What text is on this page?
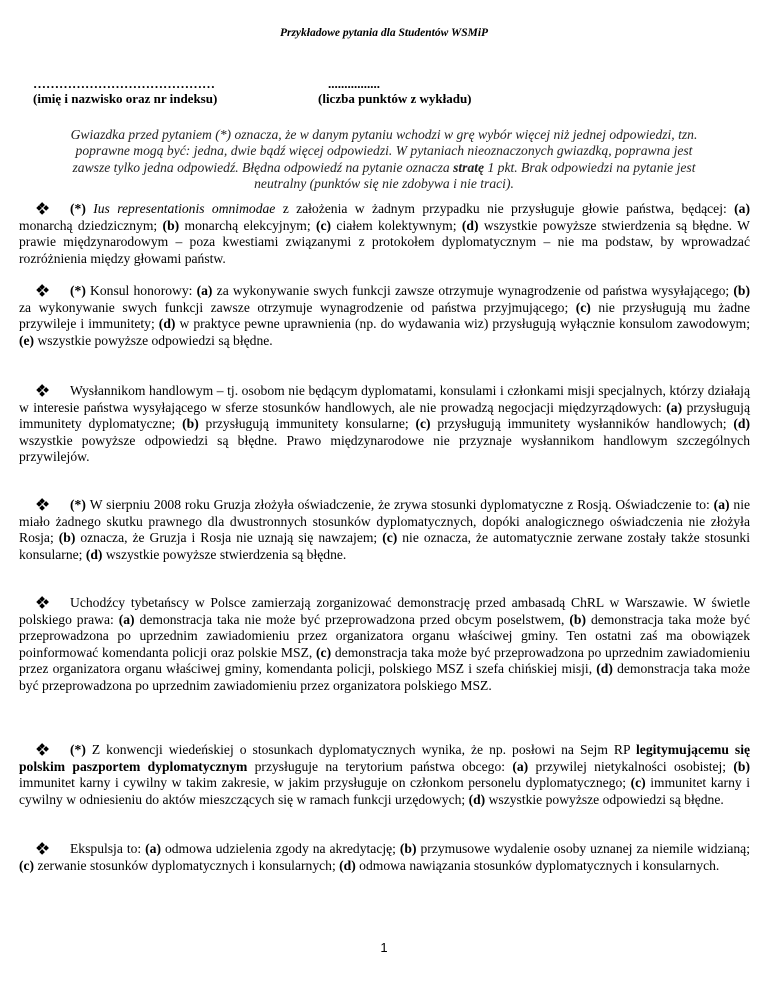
Przykładowe pytania dla Studentów WSMiP
……………………………………
(imię i nazwisko oraz nr indeksu)
................
(liczba punktów z wykładu)
Gwiazdka przed pytaniem (*) oznacza, że w danym pytaniu wchodzi w grę wybór więcej niż jednej odpowiedzi, tzn. poprawne mogą być: jedna, dwie bądź więcej odpowiedzi. W pytaniach nieoznaczonych gwiazdką, poprawna jest zawsze tylko jedna odpowiedź. Błędna odpowiedź na pytanie oznacza stratę 1 pkt. Brak odpowiedzi na pytanie jest neutralny (punktów się nie zdobywa i nie traci).
(*) Ius representationis omnimodae z założenia w żadnym przypadku nie przysługuje głowie państwa, będącej: (a) monarchą dziedzicznym; (b) monarchą elekcyjnym; (c) ciałem kolektywnym; (d) wszystkie powyższe stwierdzenia są błędne. W prawie międzynarodowym – poza kwestiami związanymi z protokołem dyplomatycznym – nie ma podstaw, by wprowadzać rozróżnienia między głowami państw.
(*) Konsul honorowy: (a) za wykonywanie swych funkcji zawsze otrzymuje wynagrodzenie od państwa wysyłającego; (b) za wykonywanie swych funkcji zawsze otrzymuje wynagrodzenie od państwa przyjmującego; (c) nie przysługują mu żadne przywileje i immunitety; (d) w praktyce pewne uprawnienia (np. do wydawania wiz) przysługują wyłącznie konsulom zawodowym; (e) wszystkie powyższe odpowiedzi są błędne.
Wysłannikom handlowym – tj. osobom nie będącym dyplomatami, konsulami i członkami misji specjalnych, którzy działają w interesie państwa wysyłającego w sferze stosunków handlowych, ale nie prowadzą negocjacji międzyrządowych: (a) przysługują immunitety dyplomatyczne; (b) przysługują immunitety konsularne; (c) przysługują immunitety wysłanników handlowych; (d) wszystkie powyższe odpowiedzi są błędne. Prawo międzynarodowe nie przyznaje wysłannikom handlowym szczególnych przywilejów.
(*) W sierpniu 2008 roku Gruzja złożyła oświadczenie, że zrywa stosunki dyplomatyczne z Rosją. Oświadczenie to: (a) nie miało żadnego skutku prawnego dla dwustronnych stosunków dyplomatycznych, dopóki analogicznego oświadczenia nie złożyła Rosja; (b) oznacza, że Gruzja i Rosja nie uznają się nawzajem; (c) nie oznacza, że automatycznie zerwane zostały także stosunki konsularne; (d) wszystkie powyższe stwierdzenia są błędne.
Uchodźcy tybetańscy w Polsce zamierzają zorganizować demonstrację przed ambasadą ChRL w Warszawie. W świetle polskiego prawa: (a) demonstracja taka nie może być przeprowadzona przed obcym poselstwem, (b) demonstracja taka może być przeprowadzona po uprzednim zawiadomieniu przez organizatora organu właściwej gminy. Ten ostatni zaś ma obowiązek poinformować komendanta policji oraz polskie MSZ, (c) demonstracja taka może być przeprowadzona po uprzednim zawiadomieniu przez organizatora organu właściwej gminy, komendanta policji, polskiego MSZ i szefa chińskiej misji, (d) demonstracja taka może być przeprowadzona po uprzednim zawiadomieniu przez organizatora polskiego MSZ.
(*) Z konwencji wiedeńskiej o stosunkach dyplomatycznych wynika, że np. posłowi na Sejm RP legitymującemu się polskim paszportem dyplomatycznym przysługuje na terytorium państwa obcego: (a) przywilej nietykalności osobistej; (b) immunitet karny i cywilny w takim zakresie, w jakim przysługuje on członkom personelu dyplomatycznego; (c) immunitet karny i cywilny w odniesieniu do aktów mieszczących się w ramach funkcji urzędowych; (d) wszystkie powyższe odpowiedzi są błędne.
Ekspulsja to: (a) odmowa udzielenia zgody na akredytację; (b) przymusowe wydalenie osoby uznanej za niemile widzianą; (c) zerwanie stosunków dyplomatycznych i konsularnych; (d) odmowa nawiązania stosunków dyplomatycznych i konsularnych.
1
